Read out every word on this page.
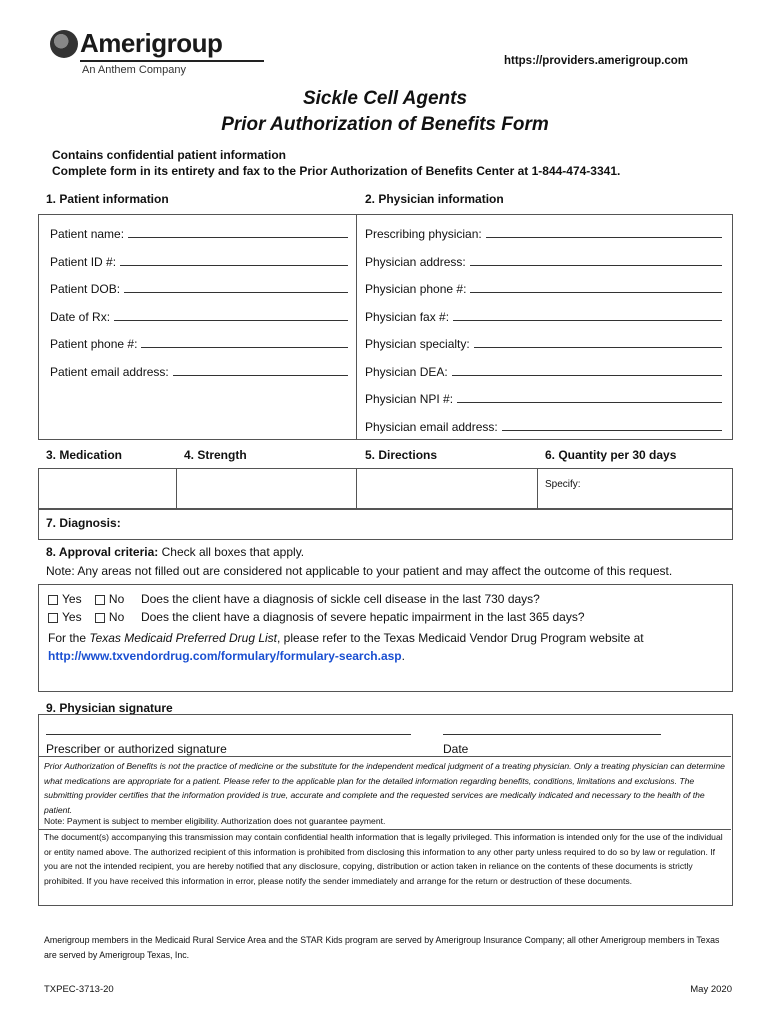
Amerigroup
An Anthem Company
https://providers.amerigroup.com
Sickle Cell Agents
Prior Authorization of Benefits Form
Contains confidential patient information
Complete form in its entirety and fax to the Prior Authorization of Benefits Center at 1-844-474-3341.
1. Patient information	2. Physician information
Patient name:
Patient ID #:
Patient DOB:
Date of Rx:
Patient phone #:
Patient email address:
Prescribing physician:
Physician address:
Physician phone #:
Physician fax #:
Physician specialty:
Physician DEA:
Physician NPI #:
Physician email address:
3. Medication	4. Strength	5. Directions	6. Quantity per 30 days
Specify:
7. Diagnosis:
8. Approval criteria: Check all boxes that apply.
Note: Any areas not filled out are considered not applicable to your patient and may affect the outcome of this request.
Yes No Does the client have a diagnosis of sickle cell disease in the last 730 days?
Yes No Does the client have a diagnosis of severe hepatic impairment in the last 365 days?
For the Texas Medicaid Preferred Drug List, please refer to the Texas Medicaid Vendor Drug Program website at
http://www.txvendordrug.com/formulary/formulary-search.asp.
9. Physician signature
Prescriber or authorized signature	Date
Prior Authorization of Benefits is not the practice of medicine or the substitute for the independent medical judgment of a treating physician. Only a treating physician can determine what medications are appropriate for a patient. Please refer to the applicable plan for the detailed information regarding benefits, conditions, limitations and exclusions. The submitting provider certifies that the information provided is true, accurate and complete and the requested services are medically indicated and necessary to the health of the patient.
Note: Payment is subject to member eligibility. Authorization does not guarantee payment.
The document(s) accompanying this transmission may contain confidential health information that is legally privileged. This information is intended only for the use of the individual or entity named above. The authorized recipient of this information is prohibited from disclosing this information to any other party unless required to do so by law or regulation. If you are not the intended recipient, you are hereby notified that any disclosure, copying, distribution or action taken in reliance on the contents of these documents is strictly prohibited. If you have received this information in error, please notify the sender immediately and arrange for the return or destruction of these documents.
Amerigroup members in the Medicaid Rural Service Area and the STAR Kids program are served by Amerigroup Insurance Company; all other Amerigroup members in Texas are served by Amerigroup Texas, Inc.
TXPEC-3713-20	May 2020
